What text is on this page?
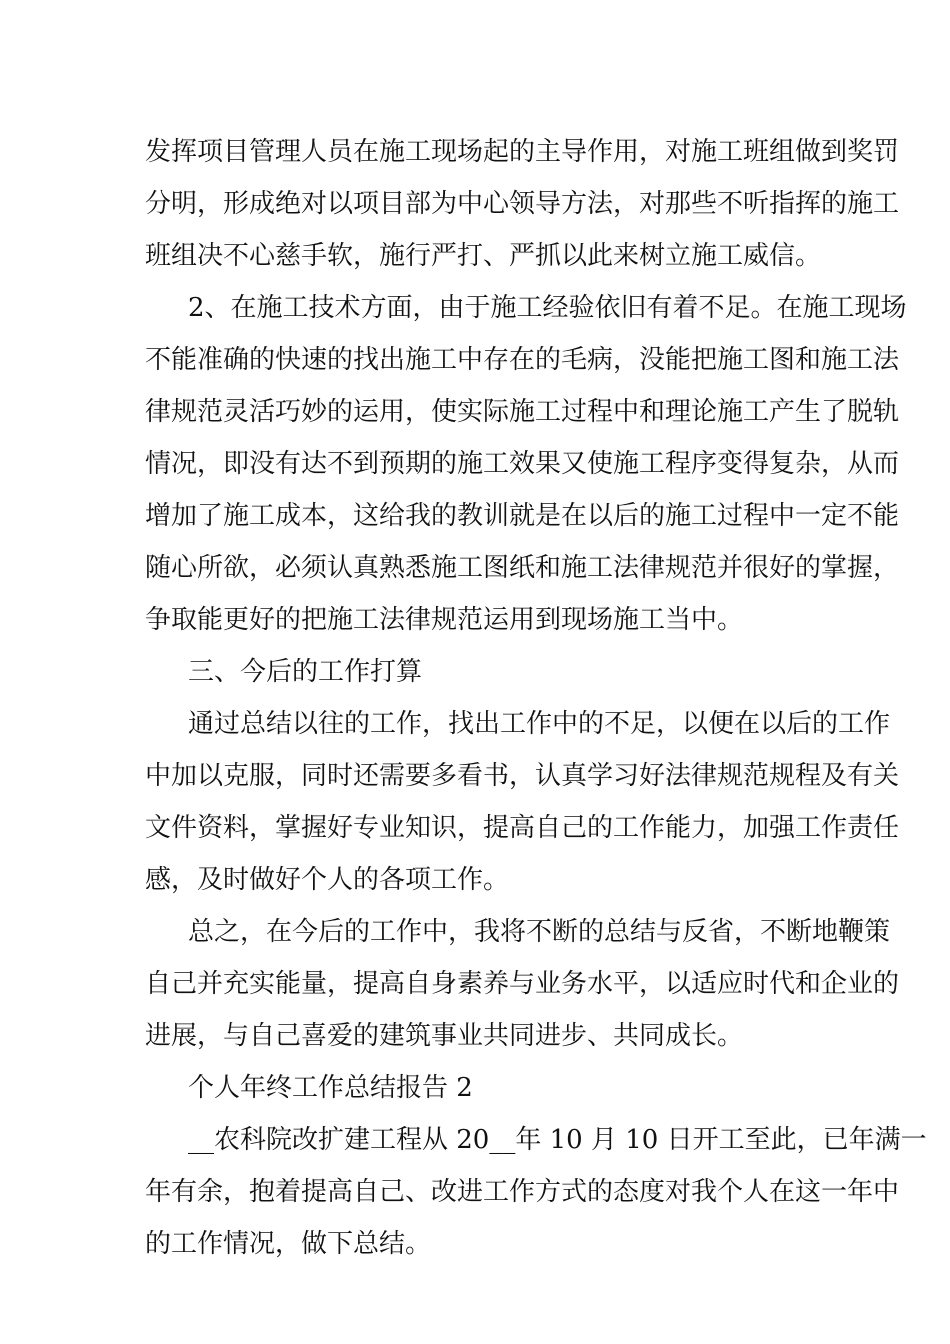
发挥项目管理人员在施工现场起的主导作用，对施工班组做到奖罚
分明，形成绝对以项目部为中心领导方法，对那些不听指挥的施工
班组决不心慈手软，施行严打、严抓以此来树立施工威信。
2、在施工技术方面，由于施工经验依旧有着不足。在施工现场
不能准确的快速的找出施工中存在的毛病，没能把施工图和施工法
律规范灵活巧妙的运用，使实际施工过程中和理论施工产生了脱轨
情况，即没有达不到预期的施工效果又使施工程序变得复杂，从而
增加了施工成本，这给我的教训就是在以后的施工过程中一定不能
随心所欲，必须认真熟悉施工图纸和施工法律规范并很好的掌握，
争取能更好的把施工法律规范运用到现场施工当中。
三、今后的工作打算
通过总结以往的工作，找出工作中的不足，以便在以后的工作
中加以克服，同时还需要多看书，认真学习好法律规范规程及有关
文件资料，掌握好专业知识，提高自己的工作能力，加强工作责任
感，及时做好个人的各项工作。
总之，在今后的工作中，我将不断的总结与反省，不断地鞭策
自己并充实能量，提高自身素养与业务水平，以适应时代和企业的
进展，与自己喜爱的建筑事业共同进步、共同成长。
个人年终工作总结报告 2
__农科院改扩建工程从 20__年 10 月 10 日开工至此，已年满一
年有余，抱着提高自己、改进工作方式的态度对我个人在这一年中
的工作情况，做下总结。
